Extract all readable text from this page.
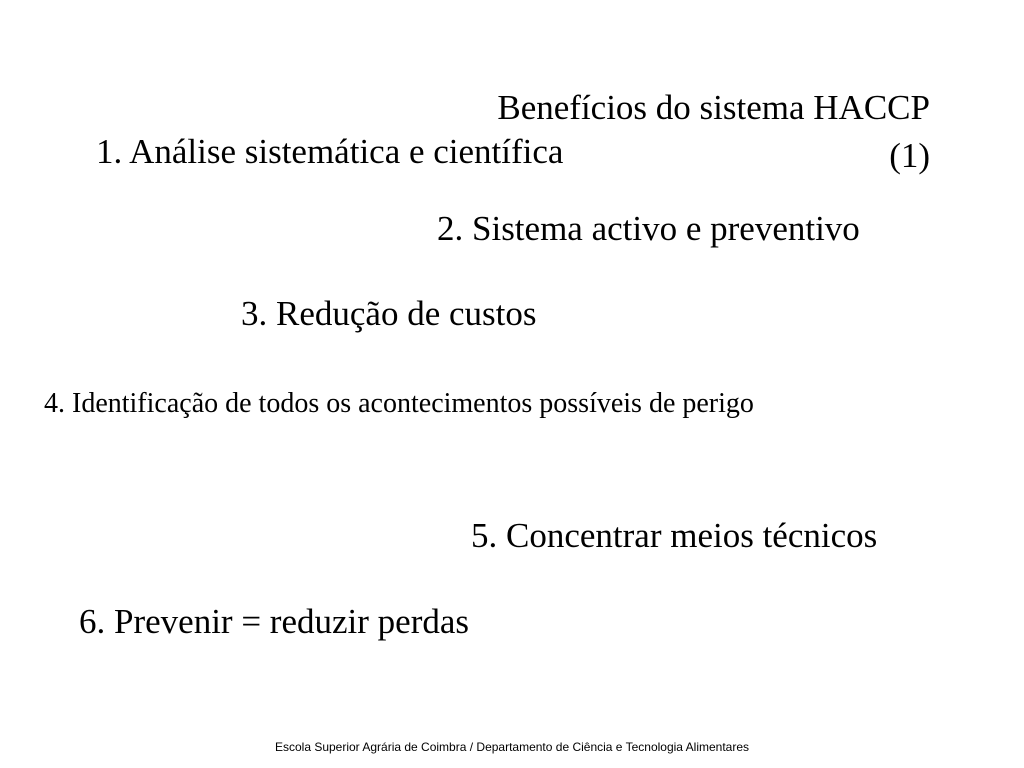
Benefícios do sistema HACCP
(1)

1. Análise sistemática e científica

2. Sistema activo e preventivo

3. Redução de custos

4. Identificação de todos os acontecimentos possíveis de perigo

5. Concentrar meios técnicos

6. Prevenir = reduzir perdas

Escola Superior Agrária de Coimbra / Departamento de Ciência e Tecnologia Alimentares
